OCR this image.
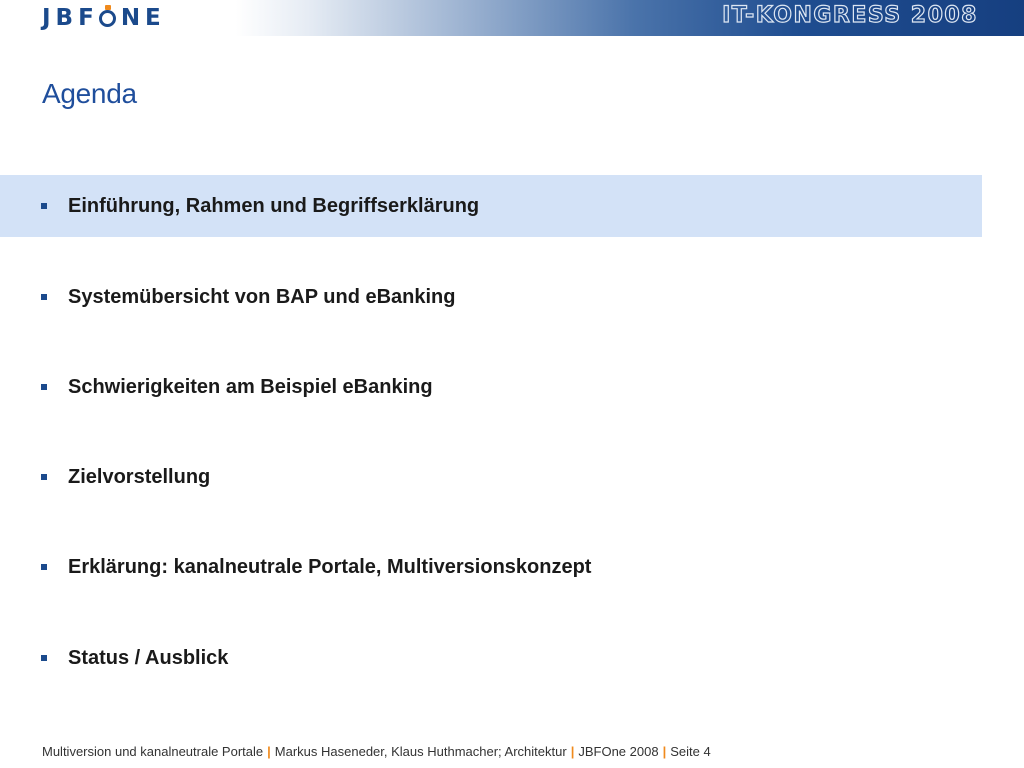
JBF NE	IT-KONGRESS 2008
Agenda
Einführung, Rahmen und Begriffserklärung
Systemübersicht von BAP und eBanking
Schwierigkeiten am Beispiel eBanking
Zielvorstellung
Erklärung: kanalneutrale Portale, Multiversionskonzept
Status / Ausblick
Multiversion und kanalneutrale Portale | Markus Haseneder, Klaus Huthmacher; Architektur | JBFOne 2008 | Seite 4
